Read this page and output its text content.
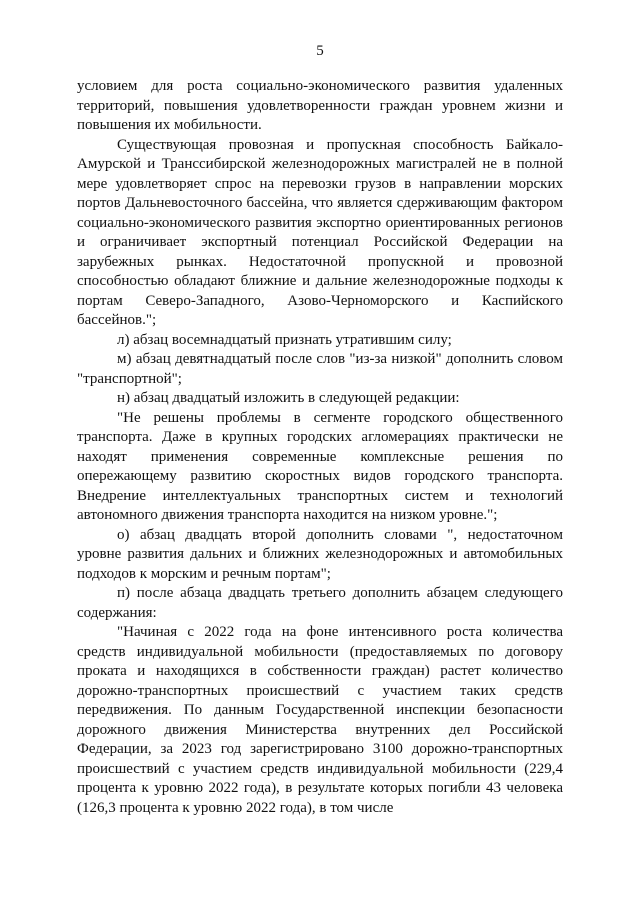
5

условием для роста социально-экономического развития удаленных территорий, повышения удовлетворенности граждан уровнем жизни и повышения их мобильности.

Существующая провозная и пропускная способность Байкало-Амурской и Транссибирской железнодорожных магистралей не в полной мере удовлетворяет спрос на перевозки грузов в направлении морских портов Дальневосточного бассейна, что является сдерживающим фактором социально-экономического развития экспортно ориентированных регионов и ограничивает экспортный потенциал Российской Федерации на зарубежных рынках. Недостаточной пропускной и провозной способностью обладают ближние и дальние железнодорожные подходы к портам Северо-Западного, Азово-Черноморского и Каспийского бассейнов.";

л) абзац восемнадцатый признать утратившим силу;

м) абзац девятнадцатый после слов "из-за низкой" дополнить словом "транспортной";

н) абзац двадцатый изложить в следующей редакции:

"Не решены проблемы в сегменте городского общественного транспорта. Даже в крупных городских агломерациях практически не находят применения современные комплексные решения по опережающему развитию скоростных видов городского транспорта. Внедрение интеллектуальных транспортных систем и технологий автономного движения транспорта находится на низком уровне.";

о) абзац двадцать второй дополнить словами ", недостаточном уровне развития дальних и ближних железнодорожных и автомобильных подходов к морским и речным портам";

п) после абзаца двадцать третьего дополнить абзацем следующего содержания:

"Начиная с 2022 года на фоне интенсивного роста количества средств индивидуальной мобильности (предоставляемых по договору проката и находящихся в собственности граждан) растет количество дорожно-транспортных происшествий с участием таких средств передвижения. По данным Государственной инспекции безопасности дорожного движения Министерства внутренних дел Российской Федерации, за 2023 год зарегистрировано 3100 дорожно-транспортных происшествий с участием средств индивидуальной мобильности (229,4 процента к уровню 2022 года), в результате которых погибли 43 человека (126,3 процента к уровню 2022 года), в том числе
